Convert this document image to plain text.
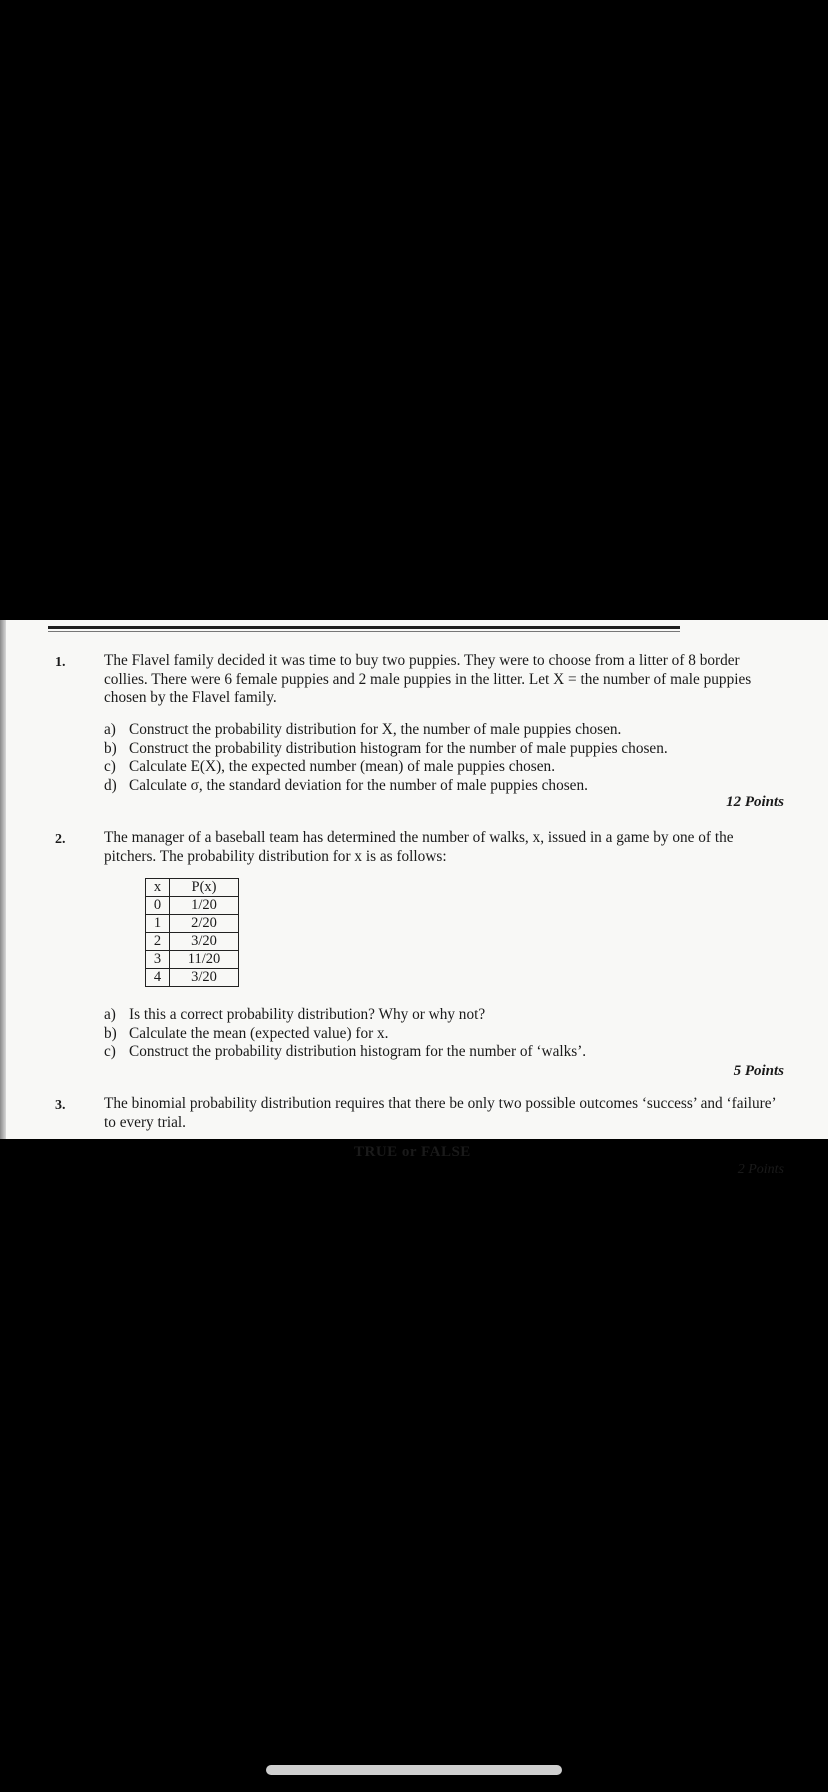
1.	The Flavel family decided it was time to buy two puppies. They were to choose from a litter of 8 border collies. There were 6 female puppies and 2 male puppies in the litter. Let X = the number of male puppies chosen by the Flavel family.
a) Construct the probability distribution for X, the number of male puppies chosen.
b) Construct the probability distribution histogram for the number of male puppies chosen.
c) Calculate E(X), the expected number (mean) of male puppies chosen.
d) Calculate σ, the standard deviation for the number of male puppies chosen.
12 Points
2.	The manager of a baseball team has determined the number of walks, x, issued in a game by one of the pitchers. The probability distribution for x is as follows:
x	P(x)
0	1/20
1	2/20
2	3/20
3	11/20
4	3/20
a) Is this a correct probability distribution? Why or why not?
b) Calculate the mean (expected value) for x.
c) Construct the probability distribution histogram for the number of ‘walks’.
5 Points
3.	The binomial probability distribution requires that there be only two possible outcomes ‘success’ and ‘failure’ to every trial.
TRUE or FALSE
2 Points
